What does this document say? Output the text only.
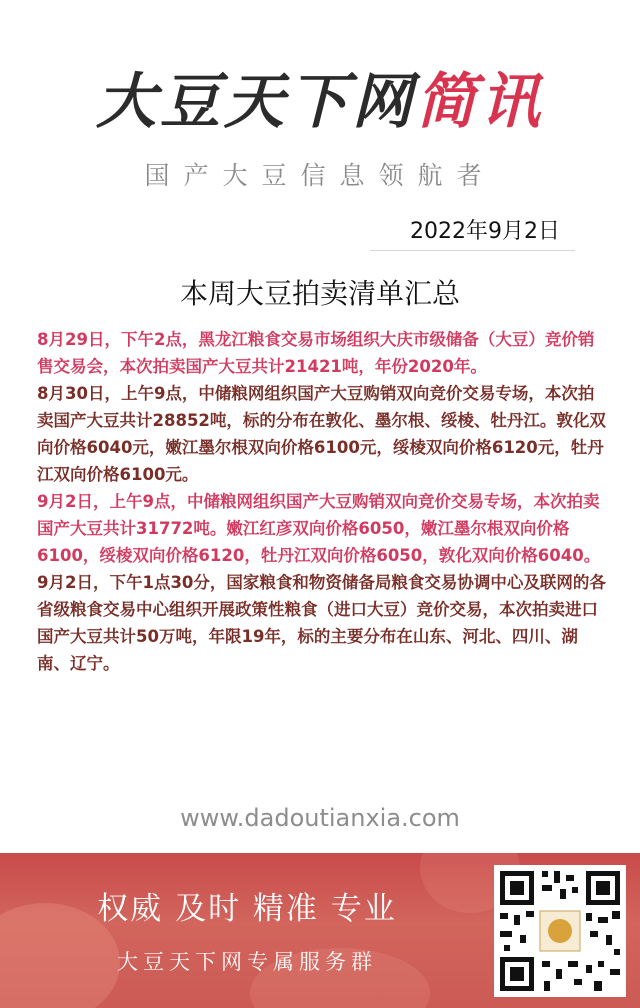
大豆天下网简讯
国产大豆信息领航者
2022年9月2日
本周大豆拍卖清单汇总

8月29日，下午2点，黑龙江粮食交易市场组织大庆市级储备（大豆）竞价销售交易会，本次拍卖国产大豆共计21421吨，年份2020年。

8月30日，上午9点，中储粮网组织国产大豆购销双向竞价交易专场，本次拍卖国产大豆共计28852吨，标的分布在敦化、墨尔根、绥棱、牡丹江。敦化双向价格6040元，嫩江墨尔根双向价格6100元，绥棱双向价格6120元，牡丹江双向价格6100元。

9月2日，上午9点，中储粮网组织国产大豆购销双向竞价交易专场，本次拍卖国产大豆共计31772吨。嫩江红彦双向价格6050，嫩江墨尔根双向价格6100，绥棱双向价格6120，牡丹江双向价格6050，敦化双向价格6040。

9月2日，下午1点30分，国家粮食和物资储备局粮食交易协调中心及联网的各省级粮食交易中心组织开展政策性粮食（进口大豆）竞价交易，本次拍卖进口国产大豆共计50万吨，年限19年，标的主要分布在山东、河北、四川、湖南、辽宁。

www.dadoutianxia.com
权威 及时 精准 专业
大豆天下网专属服务群
